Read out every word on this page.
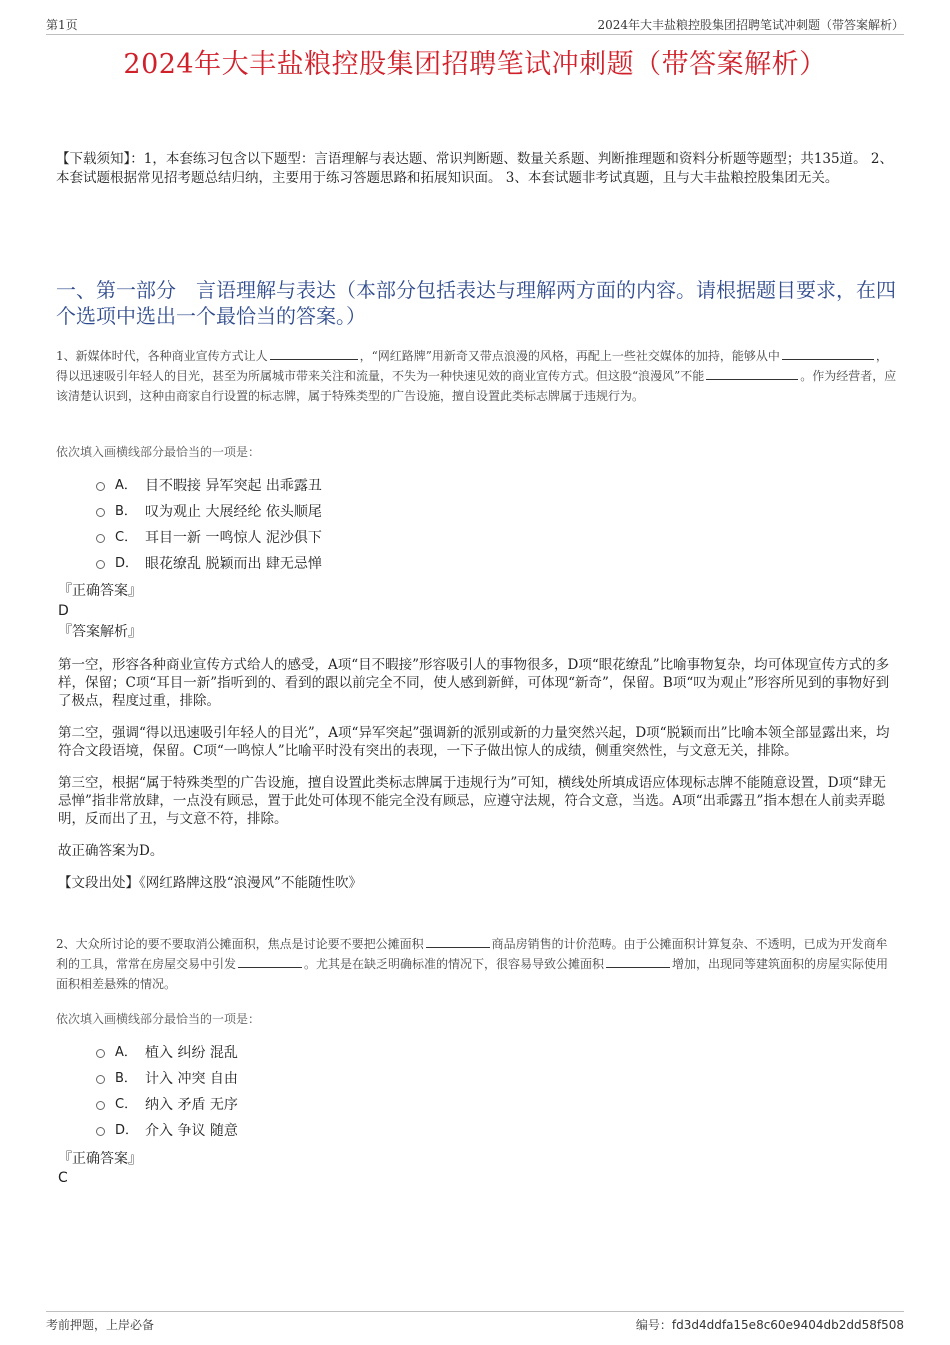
第1页	2024年大丰盐粮控股集团招聘笔试冲刺题（带答案解析）
2024年大丰盐粮控股集团招聘笔试冲刺题（带答案解析）
【下载须知】：1，本套练习包含以下题型：言语理解与表达题、常识判断题、数量关系题、判断推理题和资料分析题等题型；共135道。 2、本套试题根据常见招考题总结归纳，主要用于练习答题思路和拓展知识面。 3、本套试题非考试真题，且与大丰盐粮控股集团无关。
一、第一部分　言语理解与表达（本部分包括表达与理解两方面的内容。请根据题目要求，在四个选项中选出一个最恰当的答案。）
1、新媒体时代，各种商业宣传方式让人	，“网红路牌”用新奇又带点浪漫的风格，再配上一些社交媒体的加持，能够从中	，得以迅速吸引年轻人的目光，甚至为所属城市带来关注和流量，不失为一种快速见效的商业宣传方式。但这股“浪漫风”不能	。作为经营者，应该清楚认识到，这种由商家自行设置的标志牌，属于特殊类型的广告设施，擅自设置此类标志牌属于违规行为。
依次填入画横线部分最恰当的一项是：
A． 目不暇接 异军突起 出乖露丑
B． 叹为观止 大展经纶 依头顺尾
C． 耳目一新 一鸣惊人 泥沙俱下
D． 眼花缭乱 脱颖而出 肆无忌惮
『正确答案』
D
『答案解析』

第一空，形容各种商业宣传方式给人的感受，A项“目不暇接”形容吸引人的事物很多，D项“眼花缭乱”比喻事物复杂，均可体现宣传方式的多样，保留；C项“耳目一新”指听到的、看到的跟以前完全不同，使人感到新鲜，可体现“新奇”，保留。B项“叹为观止”形容所见到的事物好到了极点，程度过重，排除。

第二空，强调“得以迅速吸引年轻人的目光”，A项“异军突起”强调新的派别或新的力量突然兴起，D项“脱颖而出”比喻本领全部显露出来，均符合文段语境，保留。C项“一鸣惊人”比喻平时没有突出的表现，一下子做出惊人的成绩，侧重突然性，与文意无关，排除。

第三空，根据“属于特殊类型的广告设施，擅自设置此类标志牌属于违规行为”可知，横线处所填成语应体现标志牌不能随意设置，D项“肆无忌惮”指非常放肆，一点没有顾忌，置于此处可体现不能完全没有顾忌，应遵守法规，符合文意，当选。A项“出乖露丑”指本想在人前卖弄聪明，反而出了丑，与文意不符，排除。

故正确答案为D。

【文段出处】《网红路牌这股“浪漫风”不能随性吹》

2、大众所讨论的要不要取消公摊面积，焦点是讨论要不要把公摊面积	商品房销售的计价范畴。由于公摊面积计算复杂、不透明，已成为开发商牟利的工具，常常在房屋交易中引发	。尤其是在缺乏明确标准的情况下，很容易导致公摊面积	增加，出现同等建筑面积的房屋实际使用面积相差悬殊的情况。
依次填入画横线部分最恰当的一项是：
A． 植入 纠纷 混乱
B． 计入 冲突 自由
C． 纳入 矛盾 无序
D． 介入 争议 随意
『正确答案』
C
考前押题，上岸必备	编号：fd3d4ddfa15e8c60e9404db2dd58f508
